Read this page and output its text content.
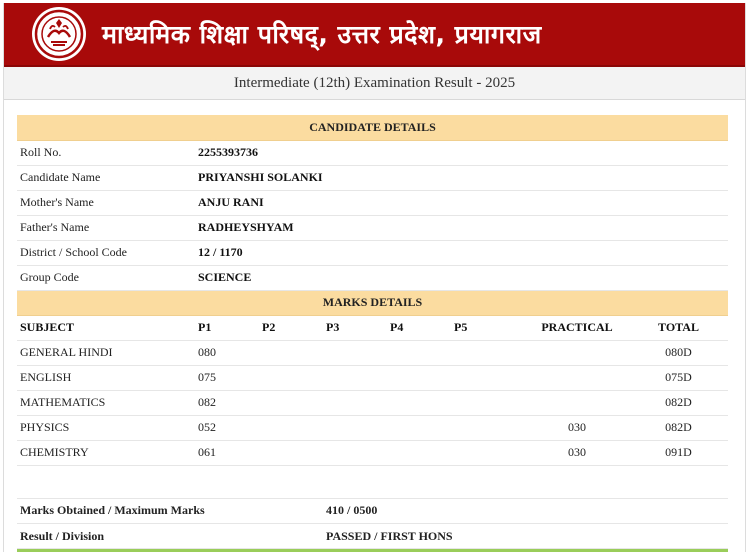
माध्यमिक शिक्षा परिषद्, उत्तर प्रदेश, प्रयागराज
Intermediate (12th) Examination Result - 2025
CANDIDATE DETAILS							
Roll No.	2255393736						
Candidate Name	PRIYANSHI SOLANKI						
Mother's Name	ANJU RANI						
Father's Name	RADHEYSHYAM						
District / School Code	12 / 1170						
Group Code	SCIENCE						
MARKS DETAILS							
SUBJECT	P1	P2	P3	P4	P5	PRACTICAL	TOTAL
GENERAL HINDI	080						080D
ENGLISH	075						075D
MATHEMATICS	082						082D
PHYSICS	052					030	082D
CHEMISTRY	061					030	091D

Marks Obtained / Maximum Marks	410 / 0500
Result / Division	PASSED / FIRST HONS
